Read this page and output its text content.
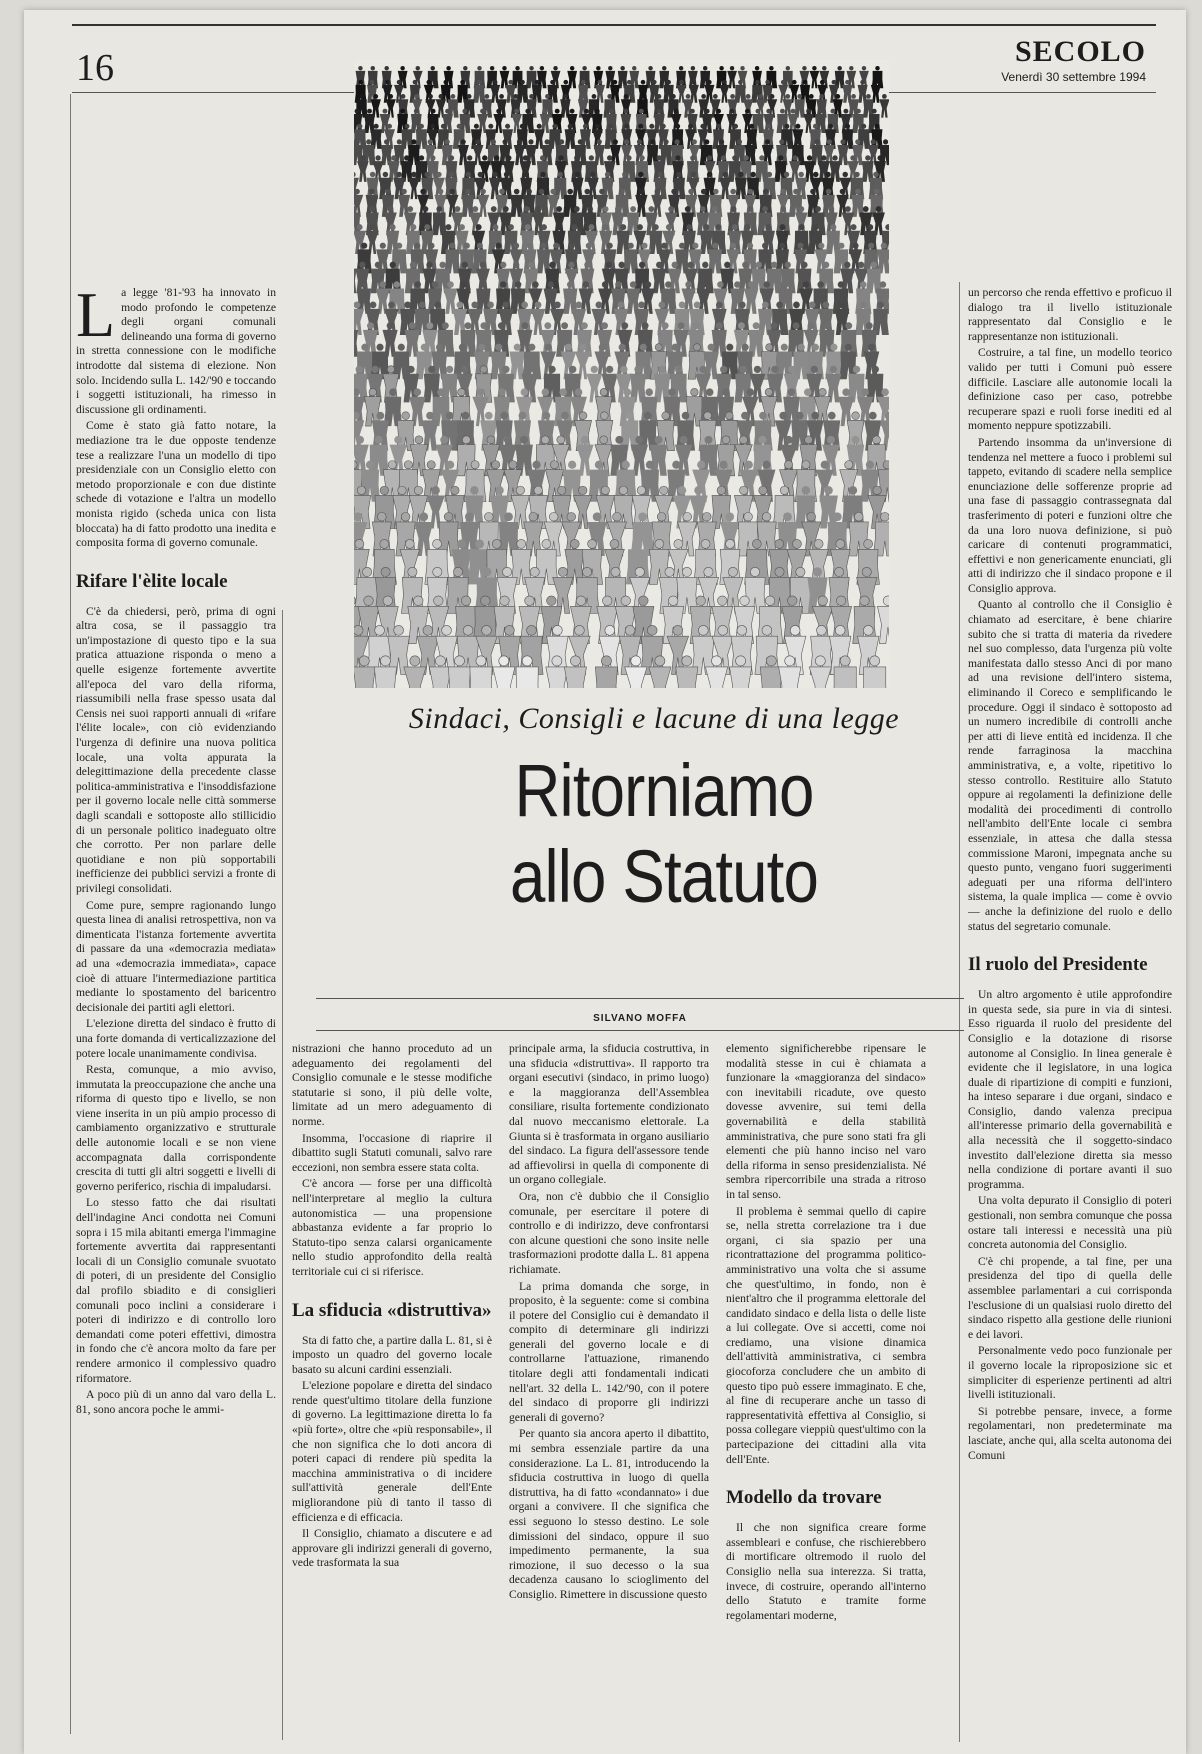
16	SECOLO
Venerdì 30 settembre 1994

La legge '81-'93 ha innovato in modo profondo le competenze degli organi comunali delineando una forma di governo in stretta connessione con le modifiche introdotte dal sistema di elezione. Non solo. Incidendo sulla L. 142/'90 e toccando i soggetti istituzionali, ha rimesso in discussione gli ordinamenti.

Come è stato già fatto notare, la mediazione tra le due opposte tendenze tese a realizzare l'una un modello di tipo presidenziale con un Consiglio eletto con metodo proporzionale e con due distinte schede di votazione e l'altra un modello monista rigido (scheda unica con lista bloccata) ha di fatto prodotto una inedita e composita forma di governo comunale.

Rifare l'èlite locale

C'è da chiedersi, però, prima di ogni altra cosa, se il passaggio tra un'impostazione di questo tipo e la sua pratica attuazione risponda o meno a quelle esigenze fortemente avvertite all'epoca del varo della riforma, riassumibili nella frase spesso usata dal Censis nei suoi rapporti annuali di «rifare l'élite locale», con ciò evidenziando l'urgenza di definire una nuova politica locale, una volta appurata la delegittimazione della precedente classe politica-amministrativa e l'insoddisfazione per il governo locale nelle città sommerse dagli scandali e sottoposte allo stillicidio di un personale politico inadeguato oltre che corrotto. Per non parlare delle quotidiane e non più sopportabili inefficienze dei pubblici servizi a fronte di privilegi consolidati.

Come pure, sempre ragionando lungo questa linea di analisi retrospettiva, non va dimenticata l'istanza fortemente avvertita di passare da una «democrazia mediata» ad una «democrazia immediata», capace cioè di attuare l'intermediazione partitica mediante lo spostamento del baricentro decisionale dei partiti agli elettori.

L'elezione diretta del sindaco è frutto di una forte domanda di verticalizzazione del potere locale unanimamente condivisa.

Resta, comunque, a mio avviso, immutata la preoccupazione che anche una riforma di questo tipo e livello, se non viene inserita in un più ampio processo di cambiamento organizzativo e strutturale delle autonomie locali e se non viene accompagnata dalla corrispondente crescita di tutti gli altri soggetti e livelli di governo periferico, rischia di impaludarsi.

Lo stesso fatto che dai risultati dell'indagine Anci condotta nei Comuni sopra i 15 mila abitanti emerga l'immagine fortemente avvertita dai rappresentanti locali di un Consiglio comunale svuotato di poteri, di un presidente del Consiglio dal profilo sbiadito e di consiglieri comunali poco inclini a considerare i poteri di indirizzo e di controllo loro demandati come poteri effettivi, dimostra in fondo che c'è ancora molto da fare per rendere armonico il complessivo quadro riformatore.

A poco più di un anno dal varo della L. 81, sono ancora poche le ammi-

Sindaci, Consigli e lacune di una legge
Ritorniamo
allo Statuto
SILVANO MOFFA

nistrazioni che hanno proceduto ad un adeguamento dei regolamenti del Consiglio comunale e le stesse modifiche statutarie si sono, il più delle volte, limitate ad un mero adeguamento di norme.

Insomma, l'occasione di riaprire il dibattito sugli Statuti comunali, salvo rare eccezioni, non sembra essere stata colta.

C'è ancora — forse per una difficoltà nell'interpretare al meglio la cultura autonomistica — una propensione abbastanza evidente a far proprio lo Statuto-tipo senza calarsi organicamente nello studio approfondito della realtà territoriale cui ci si riferisce.

La sfiducia «distruttiva»

Sta di fatto che, a partire dalla L. 81, si è imposto un quadro del governo locale basato su alcuni cardini essenziali.

L'elezione popolare e diretta del sindaco rende quest'ultimo titolare della funzione di governo. La legittimazione diretta lo fa «più forte», oltre che «più responsabile», il che non significa che lo doti ancora di poteri capaci di rendere più spedita la macchina amministrativa o di incidere sull'attività generale dell'Ente migliorandone più di tanto il tasso di efficienza e di efficacia.

Il Consiglio, chiamato a discutere e ad approvare gli indirizzi generali di governo, vede trasformata la sua

principale arma, la sfiducia costruttiva, in una sfiducia «distruttiva». Il rapporto tra organi esecutivi (sindaco, in primo luogo) e la maggioranza dell'Assemblea consiliare, risulta fortemente condizionato dal nuovo meccanismo elettorale. La Giunta si è trasformata in organo ausiliario del sindaco. La figura dell'assessore tende ad affievolirsi in quella di componente di un organo collegiale.

Ora, non c'è dubbio che il Consiglio comunale, per esercitare il potere di controllo e di indirizzo, deve confrontarsi con alcune questioni che sono insite nelle trasformazioni prodotte dalla L. 81 appena richiamate.

La prima domanda che sorge, in proposito, è la seguente: come si combina il potere del Consiglio cui è demandato il compito di determinare gli indirizzi generali del governo locale e di controllarne l'attuazione, rimanendo titolare degli atti fondamentali indicati nell'art. 32 della L. 142/'90, con il potere del sindaco di proporre gli indirizzi generali di governo?

Per quanto sia ancora aperto il dibattito, mi sembra essenziale partire da una considerazione. La L. 81, introducendo la sfiducia costruttiva in luogo di quella distruttiva, ha di fatto «condannato» i due organi a convivere. Il che significa che essi seguono lo stesso destino. Le sole dimissioni del sindaco, oppure il suo impedimento permanente, la sua rimozione, il suo decesso o la sua decadenza causano lo scioglimento del Consiglio. Rimettere in discussione questo

elemento significherebbe ripensare le modalità stesse in cui è chiamata a funzionare la «maggioranza del sindaco» con inevitabili ricadute, ove questo dovesse avvenire, sui temi della governabilità e della stabilità amministrativa, che pure sono stati fra gli elementi che più hanno inciso nel varo della riforma in senso presidenzialista. Né sembra ripercorribile una strada a ritroso in tal senso.

Il problema è semmai quello di capire se, nella stretta correlazione tra i due organi, ci sia spazio per una ricontrattazione del programma politico-amministrativo una volta che si assume che quest'ultimo, in fondo, non è nient'altro che il programma elettorale del candidato sindaco e della lista o delle liste a lui collegate. Ove si accetti, come noi crediamo, una visione dinamica dell'attività amministrativa, ci sembra giocoforza concludere che un ambito di questo tipo può essere immaginato. E che, al fine di recuperare anche un tasso di rappresentatività effettiva al Consiglio, si possa collegare vieppiù quest'ultimo con la partecipazione dei cittadini alla vita dell'Ente.

Modello da trovare

Il che non significa creare forme assembleari e confuse, che rischierebbero di mortificare oltremodo il ruolo del Consiglio nella sua interezza. Si tratta, invece, di costruire, operando all'interno dello Statuto e tramite forme regolamentari moderne,

un percorso che renda effettivo e proficuo il dialogo tra il livello istituzionale rappresentato dal Consiglio e le rappresentanze non istituzionali.

Costruire, a tal fine, un modello teorico valido per tutti i Comuni può essere difficile. Lasciare alle autonomie locali la definizione caso per caso, potrebbe recuperare spazi e ruoli forse inediti ed al momento neppure spotizzabili.

Partendo insomma da un'inversione di tendenza nel mettere a fuoco i problemi sul tappeto, evitando di scadere nella semplice enunciazione delle sofferenze proprie ad una fase di passaggio contrassegnata dal trasferimento di poteri e funzioni oltre che da una loro nuova definizione, si può caricare di contenuti programmatici, effettivi e non genericamente enunciati, gli atti di indirizzo che il sindaco propone e il Consiglio approva.

Quanto al controllo che il Consiglio è chiamato ad esercitare, è bene chiarire subito che si tratta di materia da rivedere nel suo complesso, data l'urgenza più volte manifestata dallo stesso Anci di por mano ad una revisione dell'intero sistema, eliminando il Coreco e semplificando le procedure. Oggi il sindaco è sottoposto ad un numero incredibile di controlli anche per atti di lieve entità ed incidenza. Il che rende farraginosa la macchina amministrativa, e, a volte, ripetitivo lo stesso controllo. Restituire allo Statuto oppure ai regolamenti la definizione delle modalità dei procedimenti di controllo nell'ambito dell'Ente locale ci sembra essenziale, in attesa che dalla stessa commissione Maroni, impegnata anche su questo punto, vengano fuori suggerimenti adeguati per una riforma dell'intero sistema, la quale implica — come è ovvio — anche la definizione del ruolo e dello status del segretario comunale.

Il ruolo del Presidente

Un altro argomento è utile approfondire in questa sede, sia pure in via di sintesi. Esso riguarda il ruolo del presidente del Consiglio e la dotazione di risorse autonome al Consiglio. In linea generale è evidente che il legislatore, in una logica duale di ripartizione di compiti e funzioni, ha inteso separare i due organi, sindaco e Consiglio, dando valenza precipua all'interesse primario della governabilità e alla necessità che il soggetto-sindaco investito dall'elezione diretta sia messo nella condizione di portare avanti il suo programma.

Una volta depurato il Consiglio di poteri gestionali, non sembra comunque che possa ostare tali interessi e necessità una più concreta autonomia del Consiglio.

C'è chi propende, a tal fine, per una presidenza del tipo di quella delle assemblee parlamentari a cui corrisponda l'esclusione di un qualsiasi ruolo diretto del sindaco rispetto alla gestione delle riunioni e dei lavori.

Personalmente vedo poco funzionale per il governo locale la riproposizione sic et simpliciter di esperienze pertinenti ad altri livelli istituzionali.

Si potrebbe pensare, invece, a forme regolamentari, non predeterminate ma lasciate, anche qui, alla scelta autonoma dei Comuni
